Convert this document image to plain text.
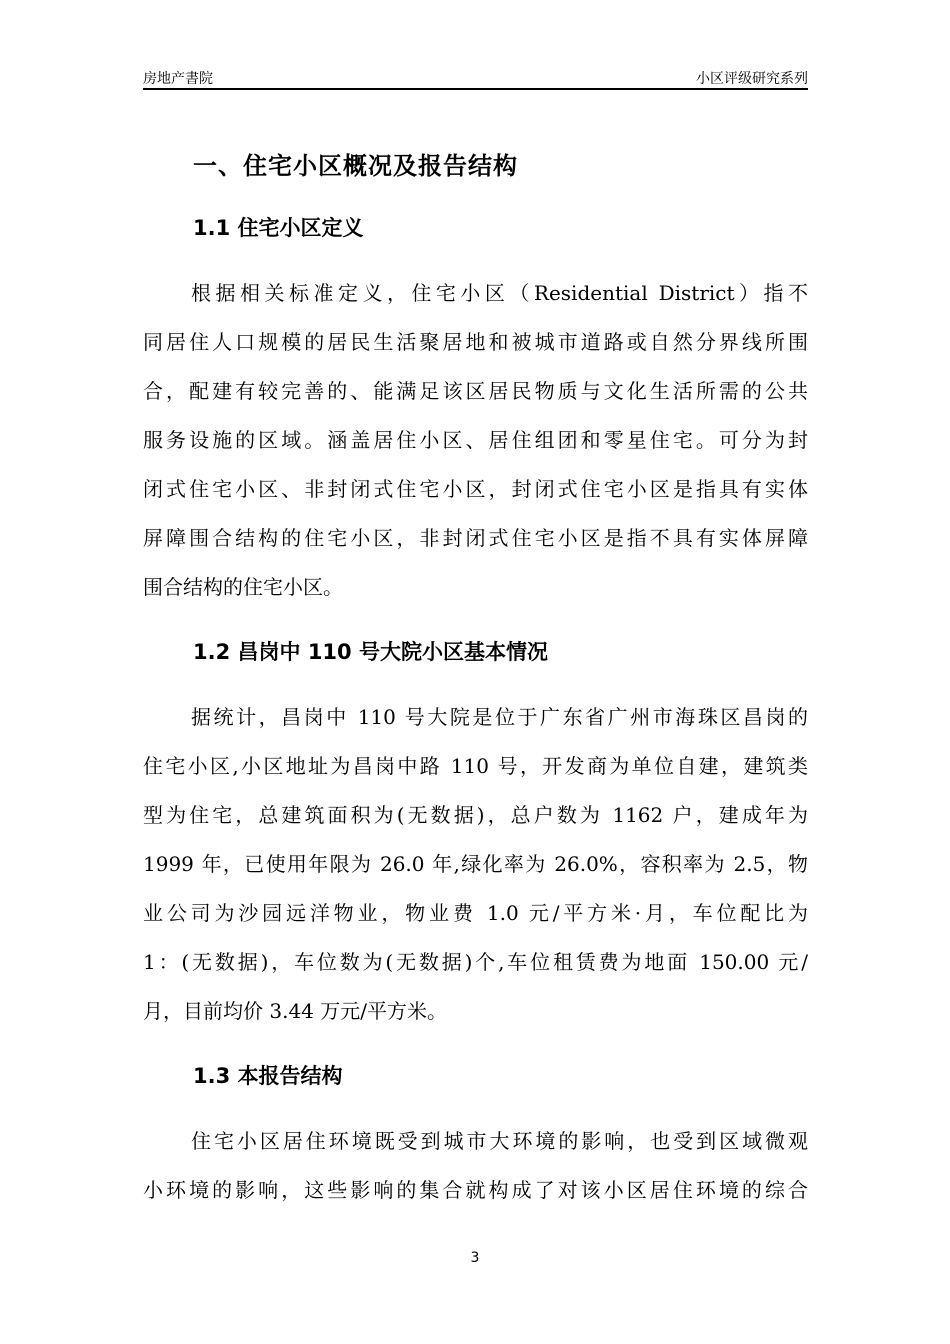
房地产書院	小区评级研究系列
一、住宅小区概况及报告结构
1.1 住宅小区定义
根据相关标准定义，住宅小区（Residential District）指不
同居住人口规模的居民生活聚居地和被城市道路或自然分界线所围
合，配建有较完善的、能满足该区居民物质与文化生活所需的公共
服务设施的区域。涵盖居住小区、居住组团和零星住宅。可分为封
闭式住宅小区、非封闭式住宅小区，封闭式住宅小区是指具有实体
屏障围合结构的住宅小区，非封闭式住宅小区是指不具有实体屏障
围合结构的住宅小区。
1.2 昌岗中 110 号大院小区基本情况
据统计，昌岗中 110 号大院是位于广东省广州市海珠区昌岗的
住宅小区,小区地址为昌岗中路 110 号，开发商为单位自建，建筑类
型为住宅，总建筑面积为(无数据)，总户数为 1162 户，建成年为
1999 年，已使用年限为 26.0 年,绿化率为 26.0%，容积率为 2.5，物
业公司为沙园远洋物业，物业费 1.0 元/平方米·月，车位配比为
1：(无数据)，车位数为(无数据)个,车位租赁费为地面 150.00 元/
月，目前均价 3.44 万元/平方米。
1.3 本报告结构
住宅小区居住环境既受到城市大环境的影响，也受到区域微观
小环境的影响，这些影响的集合就构成了对该小区居住环境的综合
3
